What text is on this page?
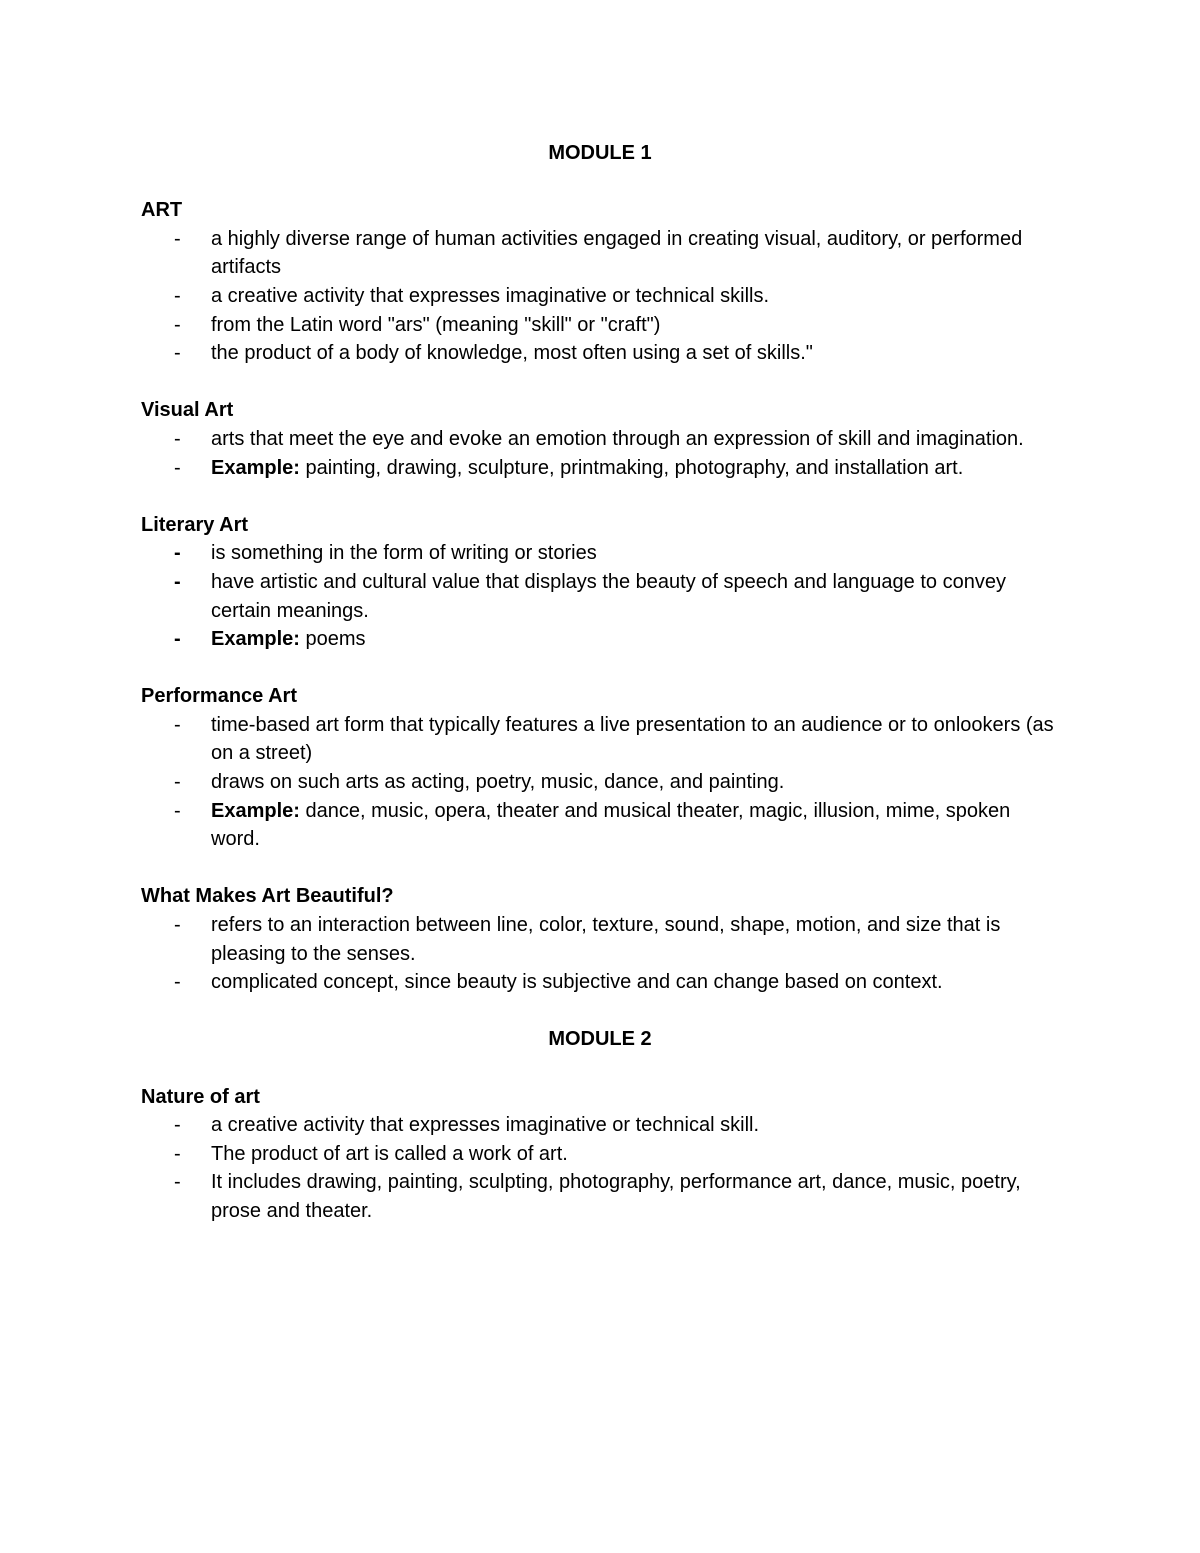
MODULE 1
ART
- a highly diverse range of human activities engaged in creating visual, auditory, or performed artifacts
- a creative activity that expresses imaginative or technical skills.
- from the Latin word "ars" (meaning "skill" or "craft")
- the product of a body of knowledge, most often using a set of skills."
Visual Art
- arts that meet the eye and evoke an emotion through an expression of skill and imagination.
- Example: painting, drawing, sculpture, printmaking, photography, and installation art.
Literary Art
- is something in the form of writing or stories
- have artistic and cultural value that displays the beauty of speech and language to convey certain meanings.
- Example: poems
Performance Art
- time-based art form that typically features a live presentation to an audience or to onlookers (as on a street)
- draws on such arts as acting, poetry, music, dance, and painting.
- Example: dance, music, opera, theater and musical theater, magic, illusion, mime, spoken word.
What Makes Art Beautiful?
- refers to an interaction between line, color, texture, sound, shape, motion, and size that is pleasing to the senses.
- complicated concept, since beauty is subjective and can change based on context.
MODULE 2
Nature of art
- a creative activity that expresses imaginative or technical skill.
- The product of art is called a work of art.
- It includes drawing, painting, sculpting, photography, performance art, dance, music, poetry, prose and theater.
